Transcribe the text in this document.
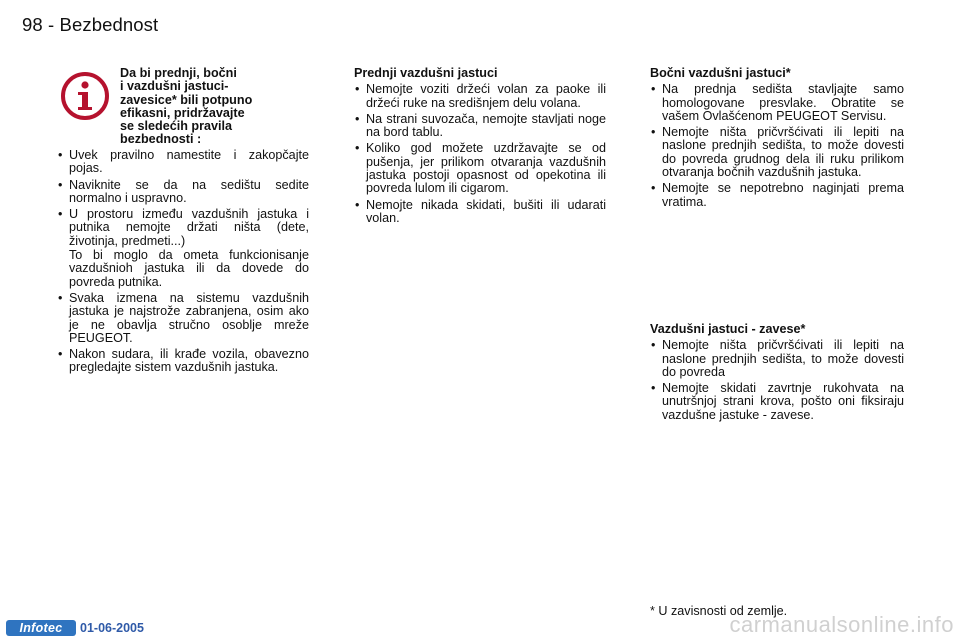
98 - Bezbednost
Da bi prednji, bočni
i vazdušni jastuci-
zavesice* bili potpuno
efikasni, pridržavajte
se sledećih pravila
bezbednosti :
• Uvek pravilno namestite i zakopčajte pojas.
• Naviknite se da na sedištu sedite normalno i uspravno.
• U prostoru između vazdušnih jastuka i putnika nemojte držati ništa (dete, životinja, predmeti...)
To bi moglo da ometa funkcionisanje vazdušnioh jastuka ili da dovede do povreda putnika.
• Svaka izmena na sistemu vazdušnih jastuka je najstrože zabranjena, osim ako je ne obavlja stručno osoblje mreže PEUGEOT.
• Nakon sudara, ili krađe vozila, obavezno pregledajte sistem vazdušnih jastuka.
Prednji vazdušni jastuci
• Nemojte voziti držeći volan za paoke ili držeći ruke na središnjem delu volana.
• Na strani suvozača, nemojte stavljati noge na bord tablu.
• Koliko god možete uzdržavajte se od pušenja, jer prilikom otvaranja vazdušnih jastuka postoji opasnost od opekotina ili povreda lulom ili cigarom.
• Nemojte nikada skidati, bušiti ili udarati volan.
Bočni vazdušni jastuci*
• Na prednja sedišta stavljajte samo homologovane presvlake. Obratite se vašem Ovlašćenom PEUGEOT Servisu.
• Nemojte ništa pričvršćivati ili lepiti na naslone prednjih sedišta, to može dovesti do povreda grudnog dela ili ruku prilikom otvaranja bočnih vazdušnih jastuka.
• Nemojte se nepotrebno naginjati prema vratima.
Vazdušni jastuci - zavese*
• Nemojte ništa pričvršćivati ili lepiti na naslone prednjih sedišta, to može dovesti do povreda
• Nemojte skidati zavrtnje rukohvata na unutršnjoj strani krova, pošto oni fiksiraju vazdušne jastuke - zavese.
* U zavisnosti od zemlje.
Infotec	01-06-2005	carmanualsonline.info
